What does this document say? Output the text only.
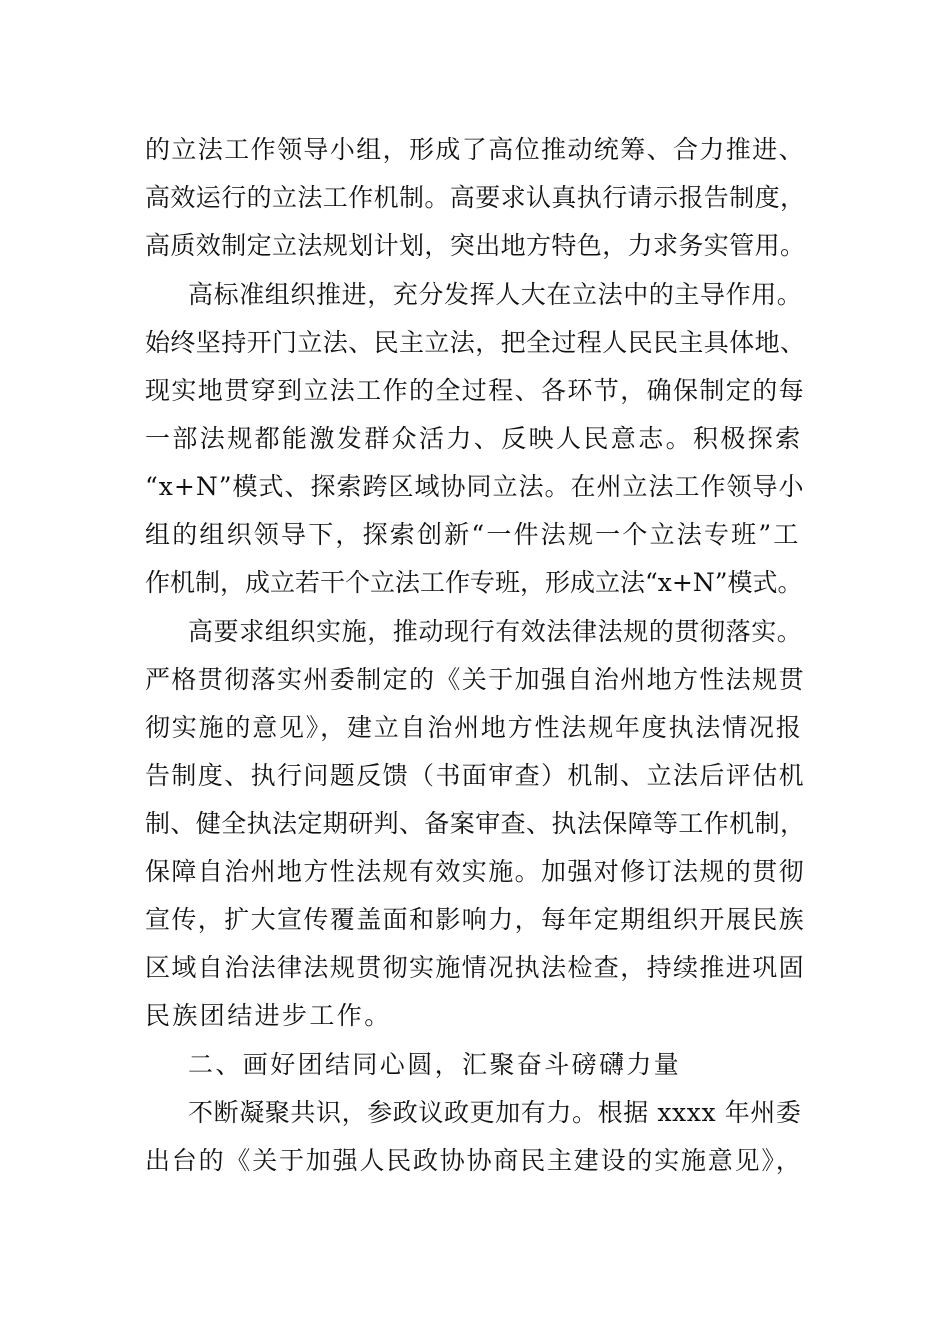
的立法工作领导小组，形成了高位推动统筹、合力推进、
高效运行的立法工作机制。高要求认真执行请示报告制度，
高质效制定立法规划计划，突出地方特色，力求务实管用。
高标准组织推进，充分发挥人大在立法中的主导作用。
始终坚持开门立法、民主立法，把全过程人民民主具体地、
现实地贯穿到立法工作的全过程、各环节，确保制定的每
一部法规都能激发群众活力、反映人民意志。积极探索
“x+N”模式、探索跨区域协同立法。在州立法工作领导小
组的组织领导下，探索创新“一件法规一个立法专班”工
作机制，成立若干个立法工作专班，形成立法“x+N”模式。
高要求组织实施，推动现行有效法律法规的贯彻落实。
严格贯彻落实州委制定的《关于加强自治州地方性法规贯
彻实施的意见》，建立自治州地方性法规年度执法情况报
告制度、执行问题反馈（书面审查）机制、立法后评估机
制、健全执法定期研判、备案审查、执法保障等工作机制，
保障自治州地方性法规有效实施。加强对修订法规的贯彻
宣传，扩大宣传覆盖面和影响力，每年定期组织开展民族
区域自治法律法规贯彻实施情况执法检查，持续推进巩固
民族团结进步工作。
二、画好团结同心圆，汇聚奋斗磅礴力量
不断凝聚共识，参政议政更加有力。根据 xxxx 年州委
出台的《关于加强人民政协协商民主建设的实施意见》，
